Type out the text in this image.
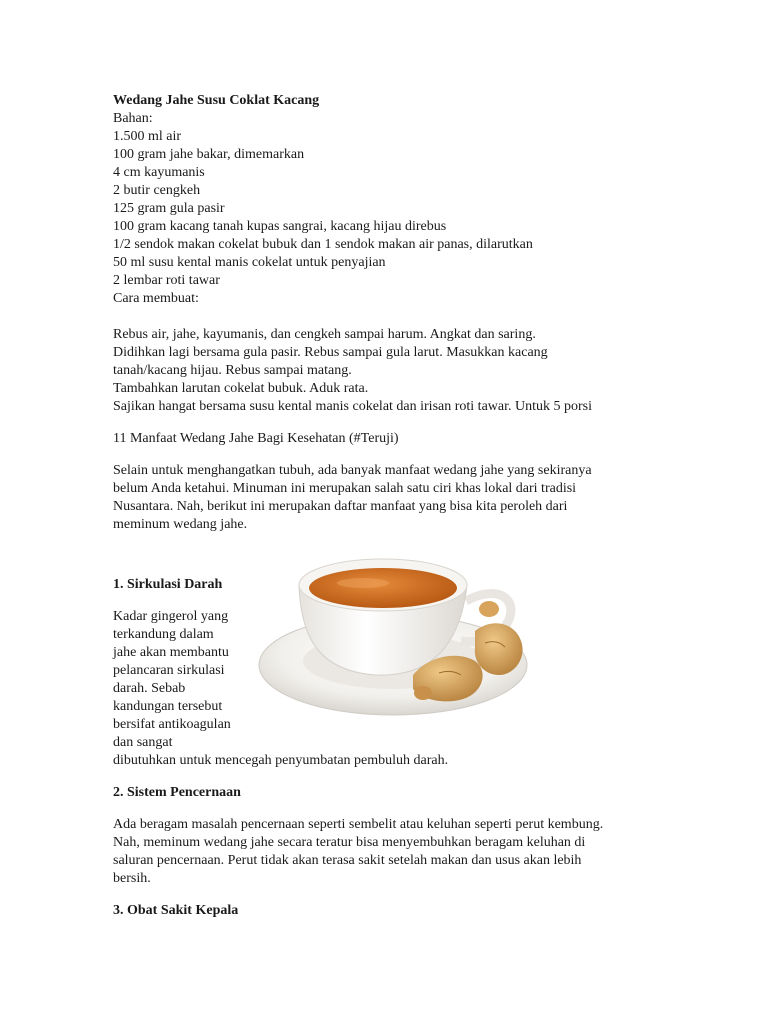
Wedang Jahe Susu Coklat Kacang
Bahan:
1.500 ml air
100 gram jahe bakar, dimemarkan
4 cm kayumanis
2 butir cengkeh
125 gram gula pasir
100 gram kacang tanah kupas sangrai, kacang hijau direbus
1/2 sendok makan cokelat bubuk dan 1 sendok makan air panas, dilarutkan
50 ml susu kental manis cokelat untuk penyajian
2 lembar roti tawar
Cara membuat:
Rebus air, jahe, kayumanis, dan cengkeh sampai harum. Angkat dan saring.
Didihkan lagi bersama gula pasir. Rebus sampai gula larut. Masukkan kacang
tanah/kacang hijau. Rebus sampai matang.
Tambahkan larutan cokelat bubuk. Aduk rata.
Sajikan hangat bersama susu kental manis cokelat dan irisan roti tawar. Untuk 5 porsi
11 Manfaat Wedang Jahe Bagi Kesehatan (#Teruji)
Selain untuk menghangatkan tubuh, ada banyak manfaat wedang jahe yang sekiranya
belum Anda ketahui. Minuman ini merupakan salah satu ciri khas lokal dari tradisi
Nusantara. Nah, berikut ini merupakan daftar manfaat yang bisa kita peroleh dari
meminum wedang jahe.
1. Sirkulasi Darah
Kadar gingerol yang
terkandung dalam
jahe akan membantu
pelancaran sirkulasi
darah. Sebab
kandungan tersebut
bersifat antikoagulan
dan sangat
dibutuhkan untuk mencegah penyumbatan pembuluh darah.
2. Sistem Pencernaan
Ada beragam masalah pencernaan seperti sembelit atau keluhan seperti perut kembung.
Nah, meminum wedang jahe secara teratur bisa menyembuhkan beragam keluhan di
saluran pencernaan. Perut tidak akan terasa sakit setelah makan dan usus akan lebih
bersih.
3. Obat Sakit Kepala
